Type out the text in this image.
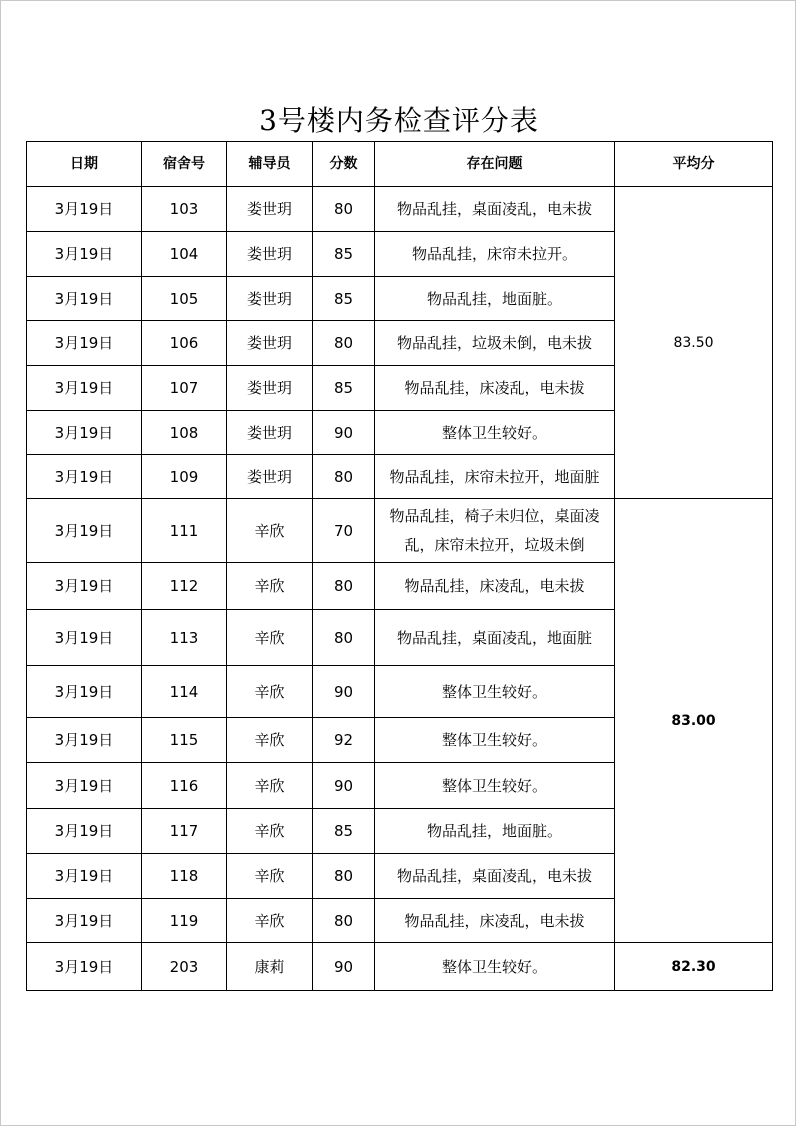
3号楼内务检查评分表
日期	宿舍号	辅导员	分数	存在问题	平均分
3月19日	103	娄世玥	80	物品乱挂，桌面凌乱，电未拔	83.50
3月19日	104	娄世玥	85	物品乱挂，床帘未拉开。	
3月19日	105	娄世玥	85	物品乱挂，地面脏。	
3月19日	106	娄世玥	80	物品乱挂，垃圾未倒，电未拔	
3月19日	107	娄世玥	85	物品乱挂，床凌乱，电未拔	
3月19日	108	娄世玥	90	整体卫生较好。	
3月19日	109	娄世玥	80	物品乱挂，床帘未拉开，地面脏	
3月19日	111	辛欣	70	物品乱挂，椅子未归位，桌面凌乱，床帘未拉开，垃圾未倒	83.00
3月19日	112	辛欣	80	物品乱挂，床凌乱，电未拔	
3月19日	113	辛欣	80	物品乱挂，桌面凌乱，地面脏	
3月19日	114	辛欣	90	整体卫生较好。	
3月19日	115	辛欣	92	整体卫生较好。	
3月19日	116	辛欣	90	整体卫生较好。	
3月19日	117	辛欣	85	物品乱挂，地面脏。	
3月19日	118	辛欣	80	物品乱挂，桌面凌乱，电未拔	
3月19日	119	辛欣	80	物品乱挂，床凌乱，电未拔	
3月19日	203	康莉	90	整体卫生较好。	82.30
